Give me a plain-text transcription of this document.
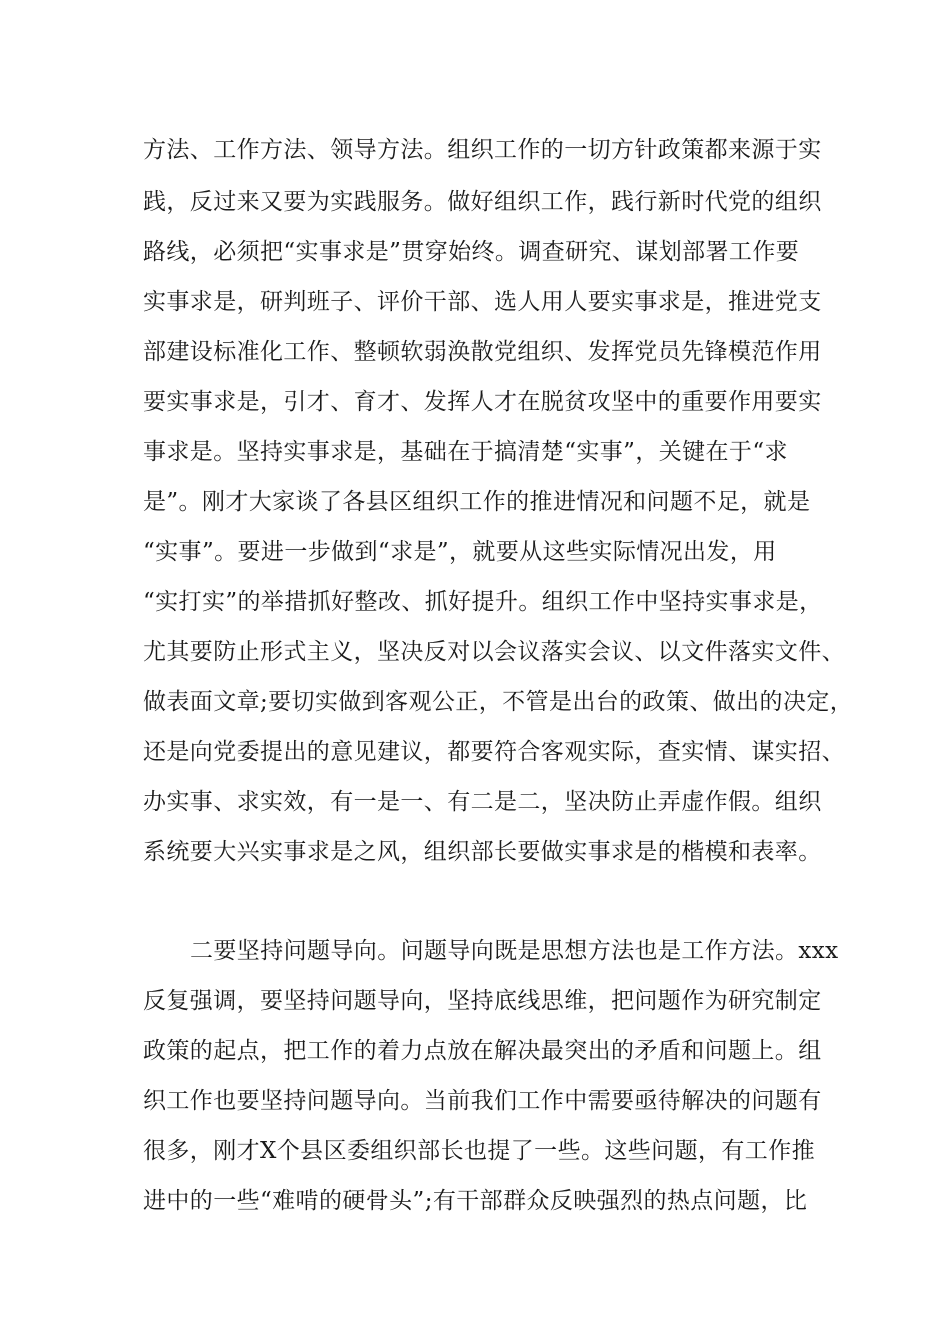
方法、工作方法、领导方法。组织工作的一切方针政策都来源于实
践，反过来又要为实践服务。做好组织工作，践行新时代党的组织
路线，必须把“实事求是”贯穿始终。调查研究、谋划部署工作要
实事求是，研判班子、评价干部、选人用人要实事求是，推进党支
部建设标准化工作、整顿软弱涣散党组织、发挥党员先锋模范作用
要实事求是，引才、育才、发挥人才在脱贫攻坚中的重要作用要实
事求是。坚持实事求是，基础在于搞清楚“实事”，关键在于“求
是”。刚才大家谈了各县区组织工作的推进情况和问题不足，就是
“实事”。要进一步做到“求是”，就要从这些实际情况出发，用
“实打实”的举措抓好整改、抓好提升。组织工作中坚持实事求是，
尤其要防止形式主义，坚决反对以会议落实会议、以文件落实文件、
做表面文章;要切实做到客观公正，不管是出台的政策、做出的决定，
还是向党委提出的意见建议，都要符合客观实际，查实情、谋实招、
办实事、求实效，有一是一、有二是二，坚决防止弄虚作假。组织
系统要大兴实事求是之风，组织部长要做实事求是的楷模和表率。
二要坚持问题导向。问题导向既是思想方法也是工作方法。xxx
反复强调，要坚持问题导向，坚持底线思维，把问题作为研究制定
政策的起点，把工作的着力点放在解决最突出的矛盾和问题上。组
织工作也要坚持问题导向。当前我们工作中需要亟待解决的问题有
很多，刚才X个县区委组织部长也提了一些。这些问题，有工作推
进中的一些“难啃的硬骨头”;有干部群众反映强烈的热点问题，比
